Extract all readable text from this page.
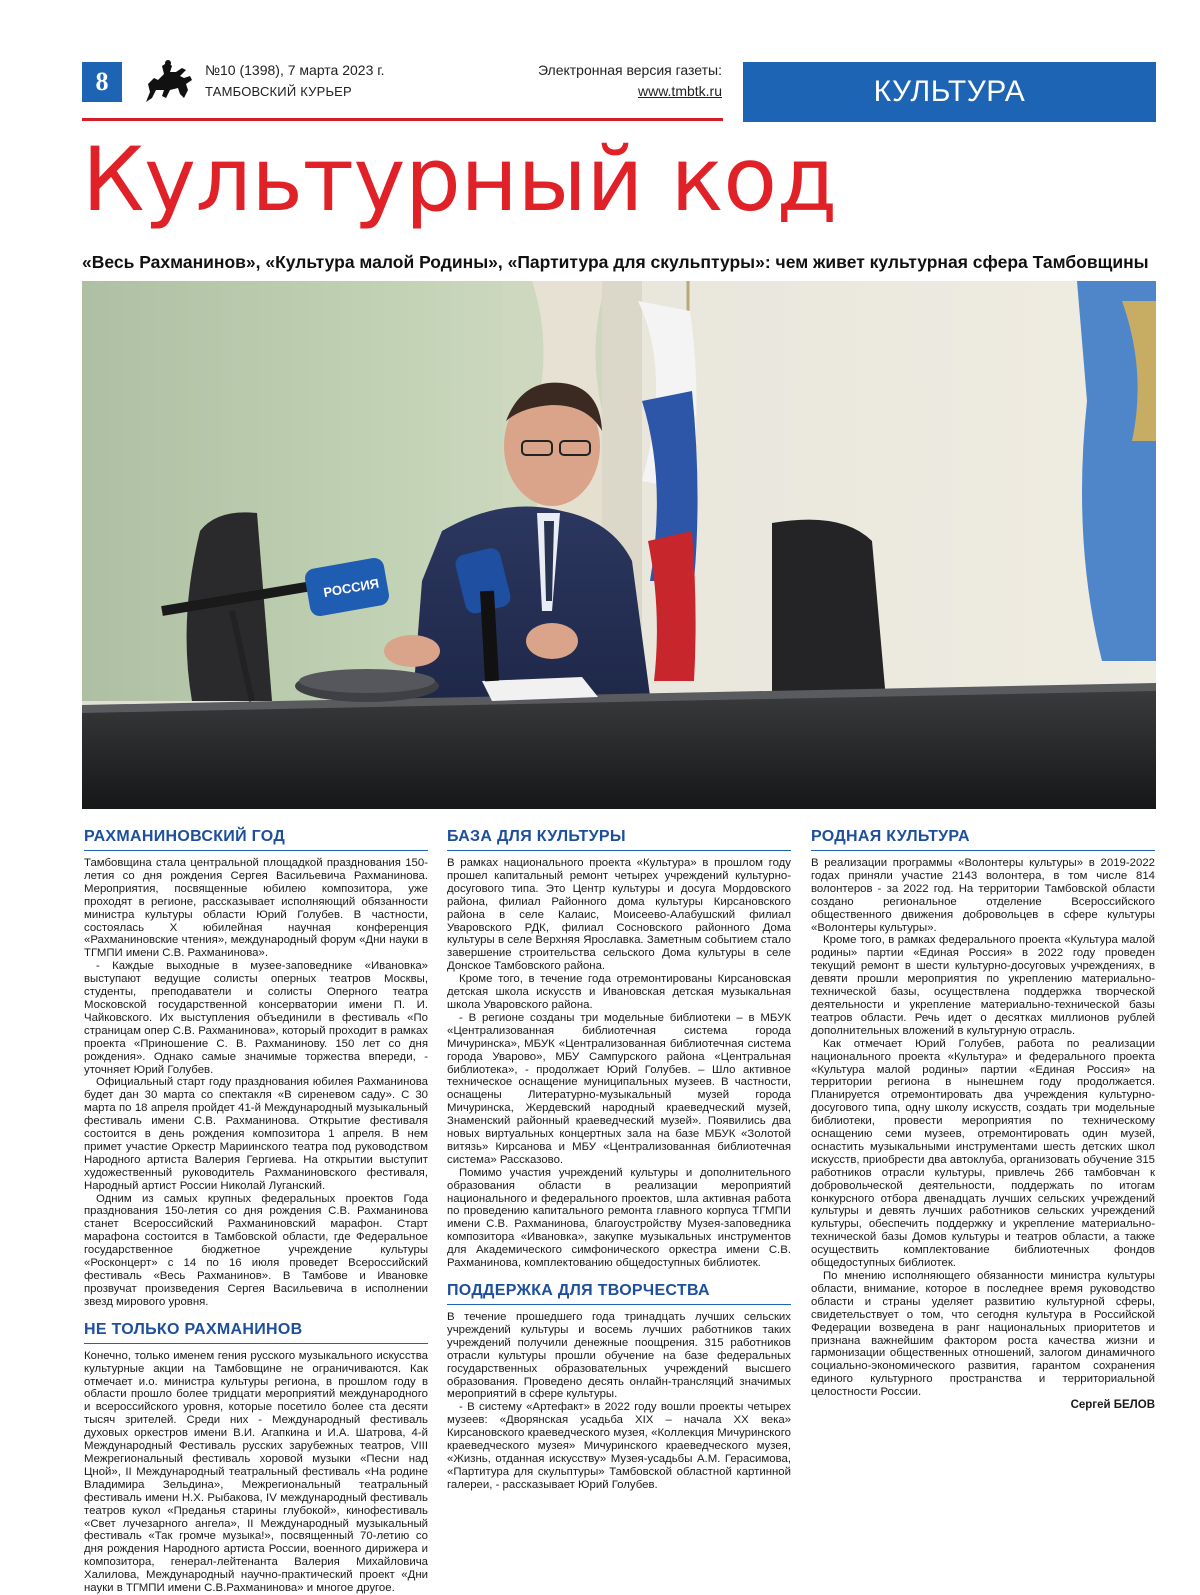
8	№10 (1398), 7 марта 2023 г.
ТАМБОВСКИЙ КУРЬЕР
Электронная версия газеты:
www.tmbtk.ru	КУЛЬТУРА
Культурный код
«Весь Рахманинов», «Культура малой Родины», «Партитура для скульптуры»: чем живет культурная сфера Тамбовщины
РОССИЯ
РАХМАНИНОВСКИЙ ГОД

Тамбовщина стала центральной площадкой празднования 150-летия со дня рождения Сергея Васильевича Рахманинова. Мероприятия, посвященные юбилею композитора, уже проходят в регионе, рассказывает исполняющий обязанности министра культуры области Юрий Голубев. В частности, состоялась X юбилейная научная конференция «Рахманиновские чтения», международный форум «Дни науки в ТГМПИ имени С.В. Рахманинова».

- Каждые выходные в музее-заповеднике «Ивановка» выступают ведущие солисты оперных театров Москвы, студенты, преподаватели и солисты Оперного театра Московской государственной консерватории имени П. И. Чайковского. Их выступления объединили в фестиваль «По страницам опер С.В. Рахманинова», который проходит в рамках проекта «Приношение С. В. Рахманинову. 150 лет со дня рождения». Однако самые значимые торжества впереди, - уточняет Юрий Голубев.

Официальный старт году празднования юбилея Рахманинова будет дан 30 марта со спектакля «В сиреневом саду». С 30 марта по 18 апреля пройдет 41-й Международный музыкальный фестиваль имени С.В. Рахманинова. Открытие фестиваля состоится в день рождения композитора 1 апреля. В нем примет участие Оркестр Мариинского театра под руководством Народного артиста Валерия Гергиева. На открытии выступит художественный руководитель Рахманиновского фестиваля, Народный артист России Николай Луганский.

Одним из самых крупных федеральных проектов Года празднования 150-летия со дня рождения С.В. Рахманинова станет Всероссийский Рахманиновский марафон. Старт марафона состоится в Тамбовской области, где Федеральное государственное бюджетное учреждение культуры «Росконцерт» с 14 по 16 июля проведет Всероссийский фестиваль «Весь Рахманинов». В Тамбове и Ивановке прозвучат произведения Сергея Васильевича в исполнении звезд мирового уровня.

НЕ ТОЛЬКО РАХМАНИНОВ

Конечно, только именем гения русского музыкального искусства культурные акции на Тамбовщине не ограничиваются. Как отмечает и.о. министра культуры региона, в прошлом году в области прошло более тридцати мероприятий международного и всероссийского уровня, которые посетило более ста десяти тысяч зрителей. Среди них - Международный фестиваль духовых оркестров имени В.И. Агапкина и И.А. Шатрова, 4-й Международный Фестиваль русских зарубежных театров, VIII Межрегиональный фестиваль хоровой музыки «Песни над Цной», II Международный театральный фестиваль «На родине Владимира Зельдина», Межрегиональный театральный фестиваль имени Н.Х. Рыбакова, IV международный фестиваль театров кукол «Преданья старины глубокой», кинофестиваль «Свет лучезарного ангела», II Международный музыкальный фестиваль «Так громче музыка!», посвященный 70-летию со дня рождения Народного артиста России, военного дирижера и композитора, генерал-лейтенанта Валерия Михайловича Халилова, Международный научно-практический проект «Дни науки в ТГМПИ имени С.В.Рахманинова» и многое другое.

БАЗА ДЛЯ КУЛЬТУРЫ

В рамках национального проекта «Культура» в прошлом году прошел капитальный ремонт четырех учреждений культурно-досугового типа. Это Центр культуры и досуга Мордовского района, филиал Районного дома культуры Кирсановского района в селе Калаис, Моисеево-Алабушский филиал Уваровского РДК, филиал Сосновского районного Дома культуры в селе Верхняя Ярославка. Заметным событием стало завершение строительства сельского Дома культуры в селе Донское Тамбовского района.

Кроме того, в течение года отремонтированы Кирсановская детская школа искусств и Ивановская детская музыкальная школа Уваровского района.

- В регионе созданы три модельные библиотеки – в МБУК «Централизованная библиотечная система города Мичуринска», МБУК «Централизованная библиотечная система города Уварово», МБУ Сампурского района «Центральная библиотека», - продолжает Юрий Голубев. – Шло активное техническое оснащение муниципальных музеев. В частности, оснащены Литературно-музыкальный музей города Мичуринска, Жердевский народный краеведческий музей, Знаменский районный краеведческий музей». Появились два новых виртуальных концертных зала на базе МБУК «Золотой витязь» Кирсанова и МБУ «Централизованная библиотечная система» Рассказово.

Помимо участия учреждений культуры и дополнительного образования области в реализации мероприятий национального и федерального проектов, шла активная работа по проведению капитального ремонта главного корпуса ТГМПИ имени С.В. Рахманинова, благоустройству Музея-заповедника композитора «Ивановка», закупке музыкальных инструментов для Академического симфонического оркестра имени С.В. Рахманинова, комплектованию общедоступных библиотек.

ПОДДЕРЖКА ДЛЯ ТВОРЧЕСТВА

В течение прошедшего года тринадцать лучших сельских учреждений культуры и восемь лучших работников таких учреждений получили денежные поощрения. 315 работников отрасли культуры прошли обучение на базе федеральных государственных образовательных учреждений высшего образования. Проведено десять онлайн-трансляций значимых мероприятий в сфере культуры.

- В систему «Артефакт» в 2022 году вошли проекты четырех музеев: «Дворянская усадьба XIX – начала XX века» Кирсановского краеведческого музея, «Коллекция Мичуринского краеведческого музея» Мичуринского краеведческого музея, «Жизнь, отданная искусству» Музея-усадьбы А.М. Герасимова, «Партитура для скульптуры» Тамбовской областной картинной галереи, - рассказывает Юрий Голубев.

РОДНАЯ КУЛЬТУРА

В реализации программы «Волонтеры культуры» в 2019-2022 годах приняли участие 2143 волонтера, в том числе 814 волонтеров - за 2022 год. На территории Тамбовской области создано региональное отделение Всероссийского общественного движения добровольцев в сфере культуры «Волонтеры культуры».

Кроме того, в рамках федерального проекта «Культура малой родины» партии «Единая Россия» в 2022 году проведен текущий ремонт в шести культурно-досуговых учреждениях, в девяти прошли мероприятия по укреплению материально-технической базы, осуществлена поддержка творческой деятельности и укрепление материально-технической базы театров области. Речь идет о десятках миллионов рублей дополнительных вложений в культурную отрасль.

Как отмечает Юрий Голубев, работа по реализации национального проекта «Культура» и федерального проекта «Культура малой родины» партии «Единая Россия» на территории региона в нынешнем году продолжается. Планируется отремонтировать два учреждения культурно-досугового типа, одну школу искусств, создать три модельные библиотеки, провести мероприятия по техническому оснащению семи музеев, отремонтировать один музей, оснастить музыкальными инструментами шесть детских школ искусств, приобрести два автоклуба, организовать обучение 315 работников отрасли культуры, привлечь 266 тамбовчан к добровольческой деятельности, поддержать по итогам конкурсного отбора двенадцать лучших сельских учреждений культуры и девять лучших работников сельских учреждений культуры, обеспечить поддержку и укрепление материально-технической базы Домов культуры и театров области, а также осуществить комплектование библиотечных фондов общедоступных библиотек.

По мнению исполняющего обязанности министра культуры области, внимание, которое в последнее время руководство области и страны уделяет развитию культурной сферы, свидетельствует о том, что сегодня культура в Российской Федерации возведена в ранг национальных приоритетов и признана важнейшим фактором роста качества жизни и гармонизации общественных отношений, залогом динамичного социально-экономического развития, гарантом сохранения единого культурного пространства и территориальной целостности России.

Сергей БЕЛОВ
